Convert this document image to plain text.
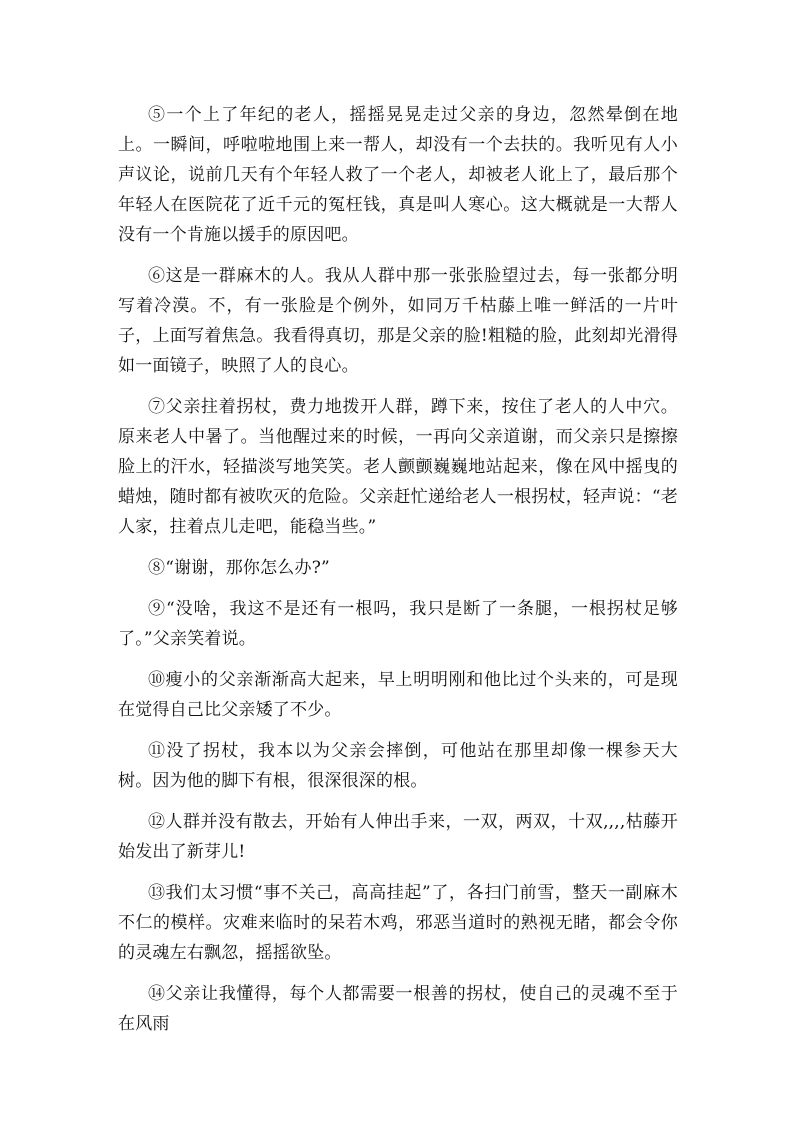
⑤一个上了年纪的老人，摇摇晃晃走过父亲的身边，忽然晕倒在地上。一瞬间，呼啦啦地围上来一帮人，却没有一个去扶的。我听见有人小声议论，说前几天有个年轻人救了一个老人，却被老人讹上了，最后那个年轻人在医院花了近千元的冤枉钱，真是叫人寒心。这大概就是一大帮人没有一个肯施以援手的原因吧。

⑥这是一群麻木的人。我从人群中那一张张脸望过去，每一张都分明写着冷漠。不，有一张脸是个例外，如同万千枯藤上唯一鲜活的一片叶子，上面写着焦急。我看得真切，那是父亲的脸!粗糙的脸，此刻却光滑得如一面镜子，映照了人的良心。

⑦父亲拄着拐杖，费力地拨开人群，蹲下来，按住了老人的人中穴。原来老人中暑了。当他醒过来的时候，一再向父亲道谢，而父亲只是擦擦脸上的汗水，轻描淡写地笑笑。老人颤颤巍巍地站起来，像在风中摇曳的蜡烛，随时都有被吹灭的危险。父亲赶忙递给老人一根拐杖，轻声说：“老人家，拄着点儿走吧，能稳当些。”

⑧“谢谢，那你怎么办?”

⑨“没啥，我这不是还有一根吗，我只是断了一条腿，一根拐杖足够了。”父亲笑着说。

⑩瘦小的父亲渐渐高大起来，早上明明刚和他比过个头来的，可是现在觉得自己比父亲矮了不少。

⑪没了拐杖，我本以为父亲会摔倒，可他站在那里却像一棵参天大树。因为他的脚下有根，很深很深的根。

⑫人群并没有散去，开始有人伸出手来，一双，两双，十双,,,,枯藤开始发出了新芽儿!

⑬我们太习惯“事不关己，高高挂起”了，各扫门前雪，整天一副麻木不仁的模样。灾难来临时的呆若木鸡，邪恶当道时的熟视无睹，都会令你的灵魂左右飘忽，摇摇欲坠。

⑭父亲让我懂得，每个人都需要一根善的拐杖，使自己的灵魂不至于在风雨
